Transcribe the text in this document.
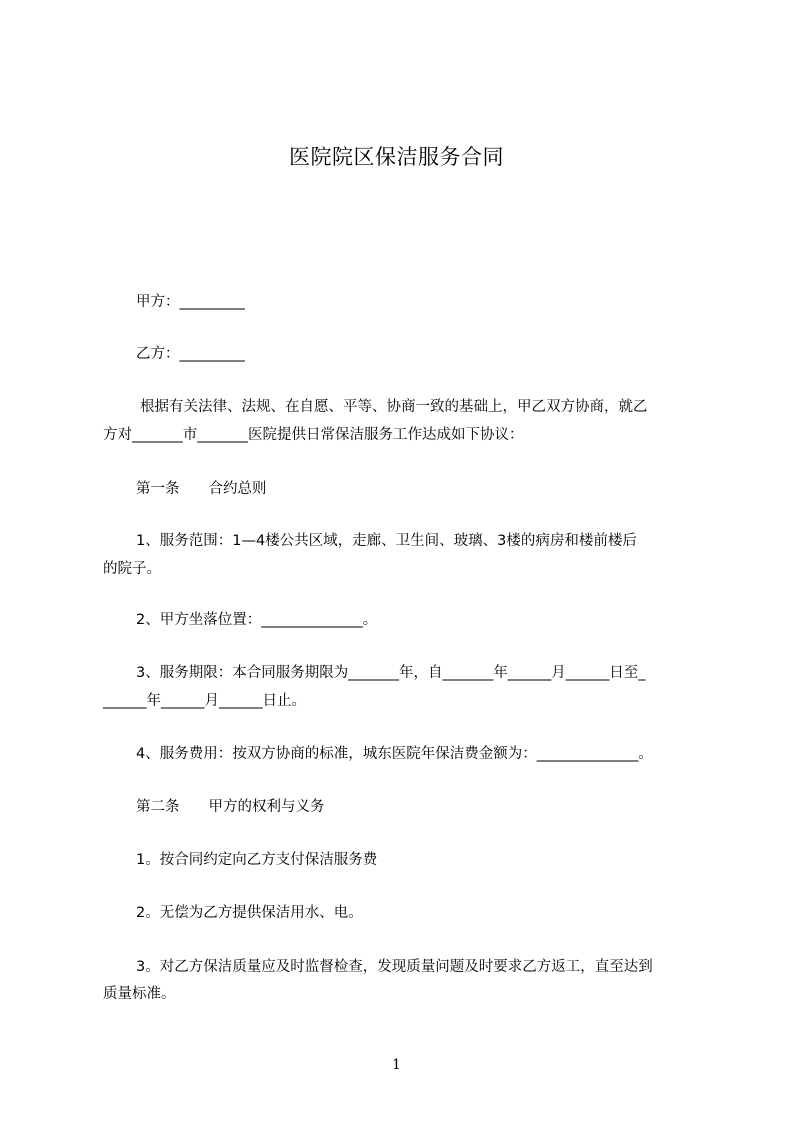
医院院区保洁服务合同
甲方：_________
乙方：_________
根据有关法律、法规、在自愿、平等、协商一致的基础上，甲乙双方协商，就乙
方对_______市_______医院提供日常保洁服务工作达成如下协议：
第一条　　合约总则
1、服务范围：1—4楼公共区域，走廊、卫生间、玻璃、3楼的病房和楼前楼后
的院子。
2、甲方坐落位置：______________。
3、服务期限：本合同服务期限为_______年，自_______年______月______日至_
______年______月______日止。
4、服务费用：按双方协商的标准，城东医院年保洁费金额为：______________。
第二条　　甲方的权利与义务
1。按合同约定向乙方支付保洁服务费
2。无偿为乙方提供保洁用水、电。
3。对乙方保洁质量应及时监督检查，发现质量问题及时要求乙方返工，直至达到
质量标准。
1
